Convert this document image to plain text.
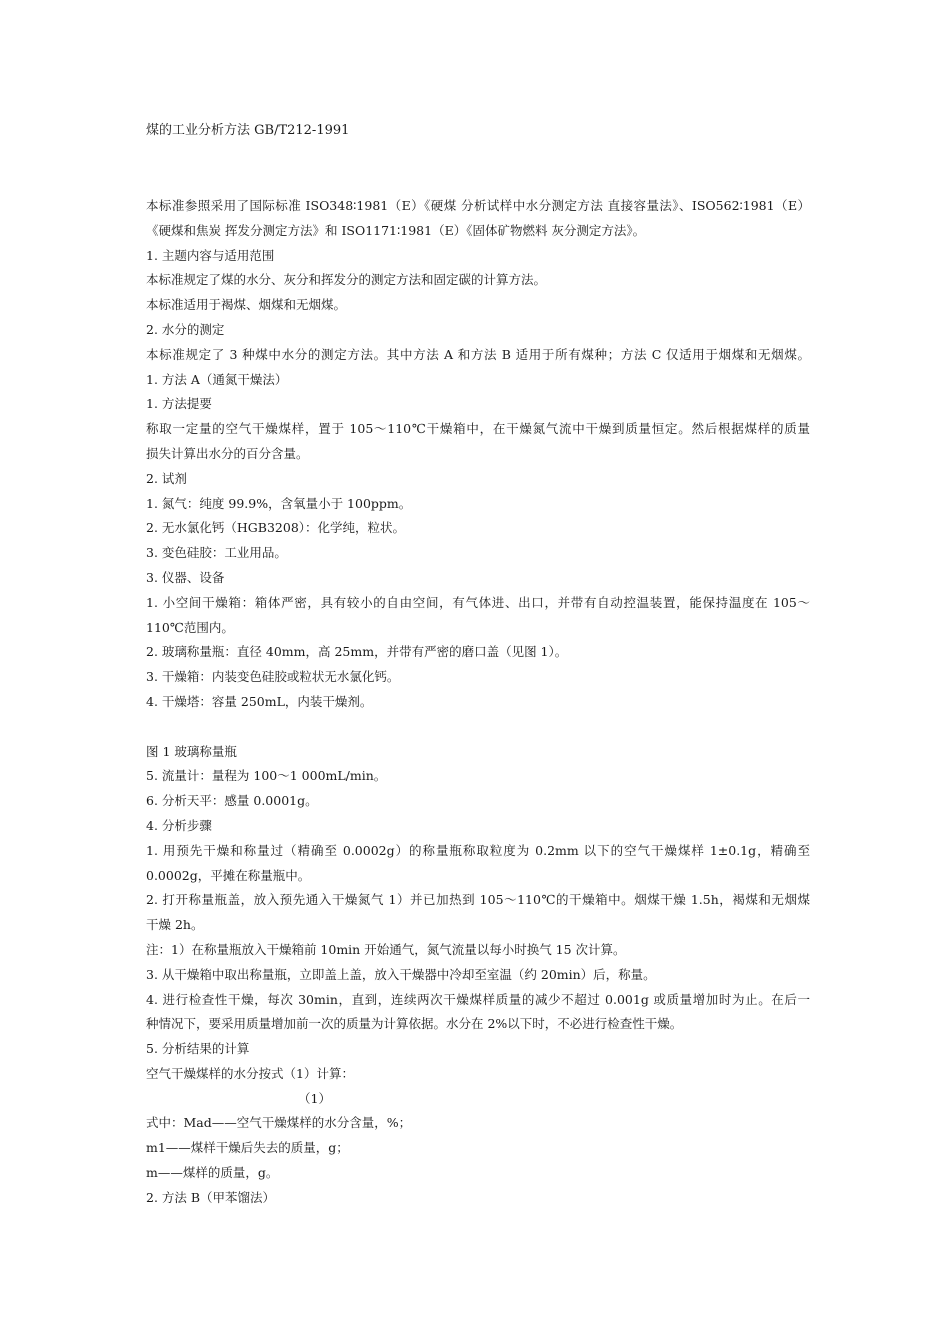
煤的工业分析方法 GB/T212-1991
本标准参照采用了国际标准 ISO348∶1981（E）《硬煤 分析试样中水分测定方法 直接容量法》、ISO562∶1981（E）
《硬煤和焦炭 挥发分测定方法》和 ISO1171∶1981（E）《固体矿物燃料 灰分测定方法》。
1. 主题内容与适用范围
本标准规定了煤的水分、灰分和挥发分的测定方法和固定碳的计算方法。
本标准适用于褐煤、烟煤和无烟煤。
2. 水分的测定
本标准规定了 3 种煤中水分的测定方法。其中方法 A 和方法 B 适用于所有煤种；方法 C 仅适用于烟煤和无烟煤。
1. 方法 A（通氮干燥法）
1. 方法提要
称取一定量的空气干燥煤样，置于 105～110℃干燥箱中，在干燥氮气流中干燥到质量恒定。然后根据煤样的质量
损失计算出水分的百分含量。
2. 试剂
1. 氮气：纯度 99.9%，含氧量小于 100ppm。
2. 无水氯化钙（HGB3208）：化学纯，粒状。
3. 变色硅胶：工业用品。
3. 仪器、设备
1. 小空间干燥箱：箱体严密，具有较小的自由空间，有气体进、出口，并带有自动控温装置，能保持温度在 105～
110℃范围内。
2. 玻璃称量瓶：直径 40mm，高 25mm，并带有严密的磨口盖（见图 1）。
3. 干燥箱：内装变色硅胶或粒状无水氯化钙。
4. 干燥塔：容量 250mL，内装干燥剂。
图 1 玻璃称量瓶
5. 流量计：量程为 100～1 000mL/min。
6. 分析天平：感量 0.0001g。
4. 分析步骤
1. 用预先干燥和称量过（精确至 0.0002g）的称量瓶称取粒度为 0.2mm 以下的空气干燥煤样 1±0.1g，精确至
0.0002g，平摊在称量瓶中。
2. 打开称量瓶盖，放入预先通入干燥氮气 1）并已加热到 105～110℃的干燥箱中。烟煤干燥 1.5h，褐煤和无烟煤
干燥 2h。
注：1）在称量瓶放入干燥箱前 10min 开始通气，氮气流量以每小时换气 15 次计算。
3. 从干燥箱中取出称量瓶，立即盖上盖，放入干燥器中冷却至室温（约 20min）后，称量。
4. 进行检查性干燥，每次 30min，直到，连续两次干燥煤样质量的减少不超过 0.001g 或质量增加时为止。在后一
种情况下，要采用质量增加前一次的质量为计算依据。水分在 2%以下时，不必进行检查性干燥。
5. 分析结果的计算
空气干燥煤样的水分按式（1）计算：
（1）
式中：Mad——空气干燥煤样的水分含量，%；
m1——煤样干燥后失去的质量，g；
m——煤样的质量，g。
2. 方法 B（甲苯馏法）
